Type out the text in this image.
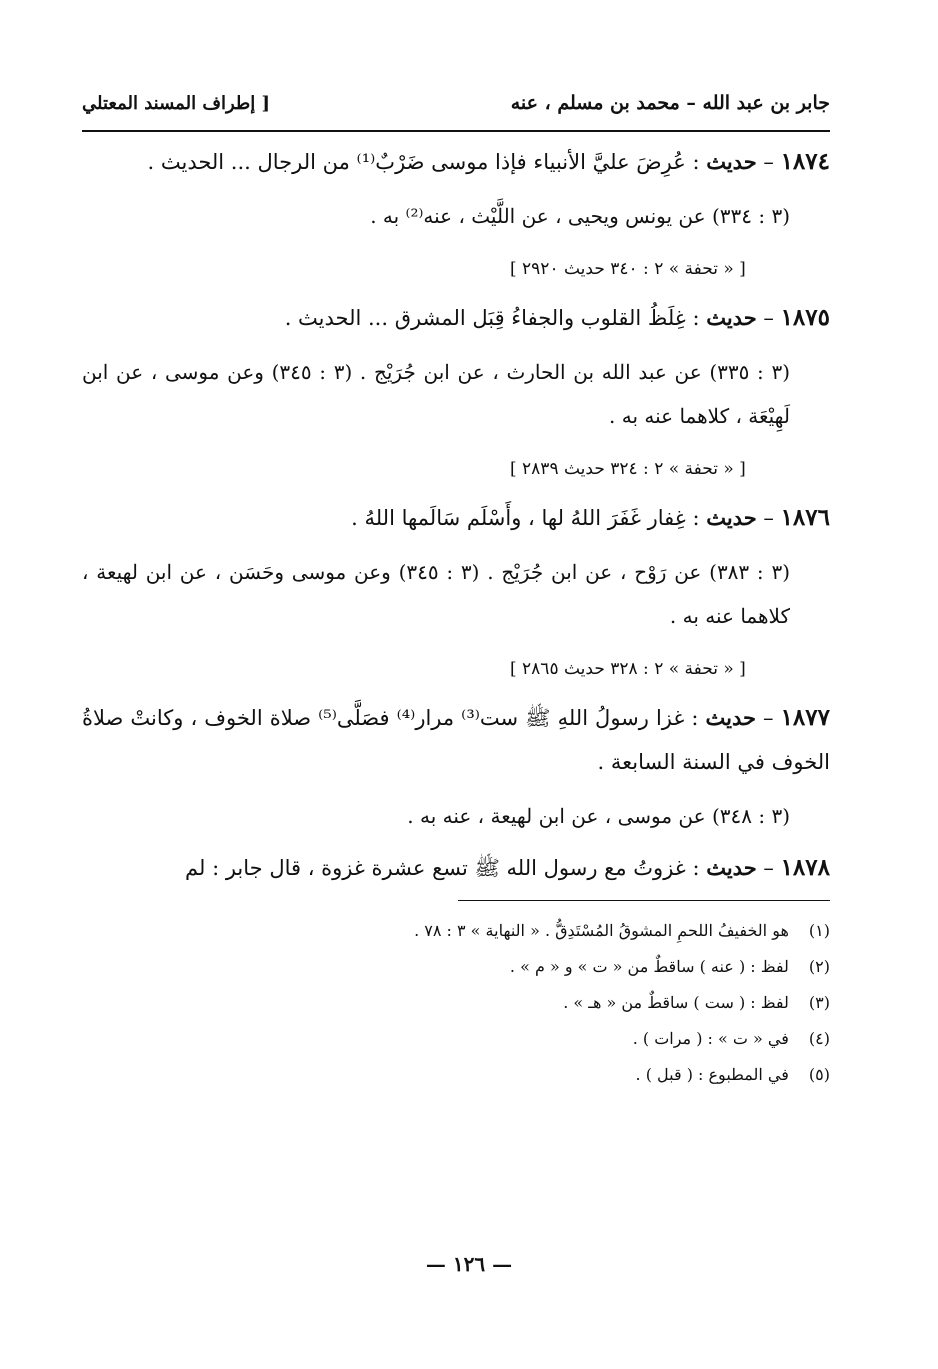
جابر بن عبد الله – محمد بن مسلم ، عنه
[ إطراف المسند المعتلي
١٨٧٤ – حديث : عُرِضَ عليَّ الأنبياء فإذا موسى ضَرْبٌ⁽¹⁾ من الرجال ... الحديث .
(٣ : ٣٣٤) عن يونس ويحيى ، عن اللَّيْث ، عنه⁽²⁾ به .
[ « تحفة » ٢ : ٣٤٠ حديث ٢٩٢٠ ]
١٨٧٥ – حديث : غِلَظُ القلوب والجفاءُ قِبَل المشرق ... الحديث .
(٣ : ٣٣٥) عن عبد الله بن الحارث ، عن ابن جُرَيْج . (٣ : ٣٤٥) وعن موسى ، عن ابن لَهِيْعَة ، كلاهما عنه به .
[ « تحفة » ٢ : ٣٢٤ حديث ٢٨٣٩ ]
١٨٧٦ – حديث : غِفار غَفَرَ اللهُ لها ، وأَسْلَم سَالَمها اللهُ .
(٣ : ٣٨٣) عن رَوْح ، عن ابن جُرَيْج . (٣ : ٣٤٥) وعن موسى وحَسَن ، عن ابن لهيعة ، كلاهما عنه به .
[ « تحفة » ٢ : ٣٢٨ حديث ٢٨٦٥ ]
١٨٧٧ – حديث : غزا رسولُ اللهِ ﷺ ست⁽³⁾ مرار⁽⁴⁾ فصَلَّى⁽⁵⁾ صلاة الخوف ، وكانتْ صلاةُ الخوف في السنة السابعة .
(٣ : ٣٤٨) عن موسى ، عن ابن لهيعة ، عنه به .
١٨٧٨ – حديث : غزوتُ مع رسول الله ﷺ تسع عشرة غزوة ، قال جابر : لم
(١) هو الخفيفُ اللحمِ المشوقُ المُسْتَدِقُّ . « النهاية » ٣ : ٧٨ .
(٢) لفظ : ( عنه ) ساقطٌ من « ت » و « م » .
(٣) لفظ : ( ست ) ساقطٌ من « هـ » .
(٤) في « ت » : ( مرات ) .
(٥) في المطبوع : ( قبل ) .
— ١٢٦ —
